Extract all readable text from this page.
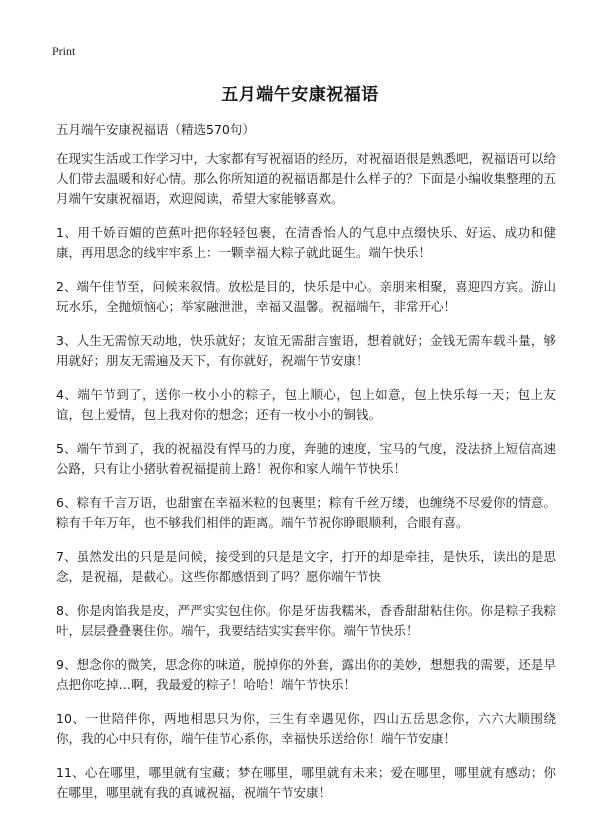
Print
五月端午安康祝福语
五月端午安康祝福语（精选570句）

在现实生活或工作学习中，大家都有写祝福语的经历，对祝福语很是熟悉吧，祝福语可以给人们带去温暖和好心情。那么你所知道的祝福语都是什么样子的？下面是小编收集整理的五月端午安康祝福语，欢迎阅读，希望大家能够喜欢。

1、用千娇百媚的芭蕉叶把你轻轻包裹，在清香怡人的气息中点缀快乐、好运、成功和健康，再用思念的线牢牢系上：一颗幸福大粽子就此诞生。端午快乐！

2、端午佳节至，问候来叙情。放松是目的，快乐是中心。亲朋来相聚，喜迎四方宾。游山玩水乐，全抛烦恼心；举家融泄泄，幸福又温馨。祝福端午，非常开心！

3、人生无需惊天动地，快乐就好；友谊无需甜言蜜语，想着就好；金钱无需车载斗量，够用就好；朋友无需遍及天下，有你就好，祝端午节安康！

4、端午节到了，送你一枚小小的粽子，包上顺心，包上如意，包上快乐每一天；包上友谊，包上爱情，包上我对你的想念；还有一枚小小的铜钱。

5、端午节到了，我的祝福没有悍马的力度，奔驰的速度，宝马的气度，没法挤上短信高速公路，只有让小猪驮着祝福提前上路！祝你和家人端午节快乐！

6、粽有千言万语，也甜蜜在幸福米粒的包裹里；粽有千丝万缕，也缠绕不尽爱你的情意。粽有千年万年，也不够我们相伴的距离。端午节祝你睁眼顺利，合眼有喜。

7、虽然发出的只是是问候，接受到的只是是文字，打开的却是牵挂，是快乐，读出的是思念，是祝福，是截心。这些你都感悟到了吗？愿你端午节快

8、你是肉馅我是皮，严严实实包住你。你是牙齿我糯米，香香甜甜粘住你。你是粽子我粽叶，层层叠叠裹住你。端午，我要结结实实套牢你。端午节快乐！

9、想念你的微笑，思念你的味道，脱掉你的外套，露出你的美妙，想想我的需要，还是早点把你吃掉…啊，我最爱的粽子！哈哈！端午节快乐！

10、一世陪伴你，两地相思只为你，三生有幸遇见你，四山五岳思念你，六六大顺围绕你，我的心中只有你，端午佳节心系你，幸福快乐送给你！端午节安康！

11、心在哪里，哪里就有宝藏；梦在哪里，哪里就有未来；爱在哪里，哪里就有感动；你在哪里，哪里就有我的真诚祝福，祝端午节安康！
